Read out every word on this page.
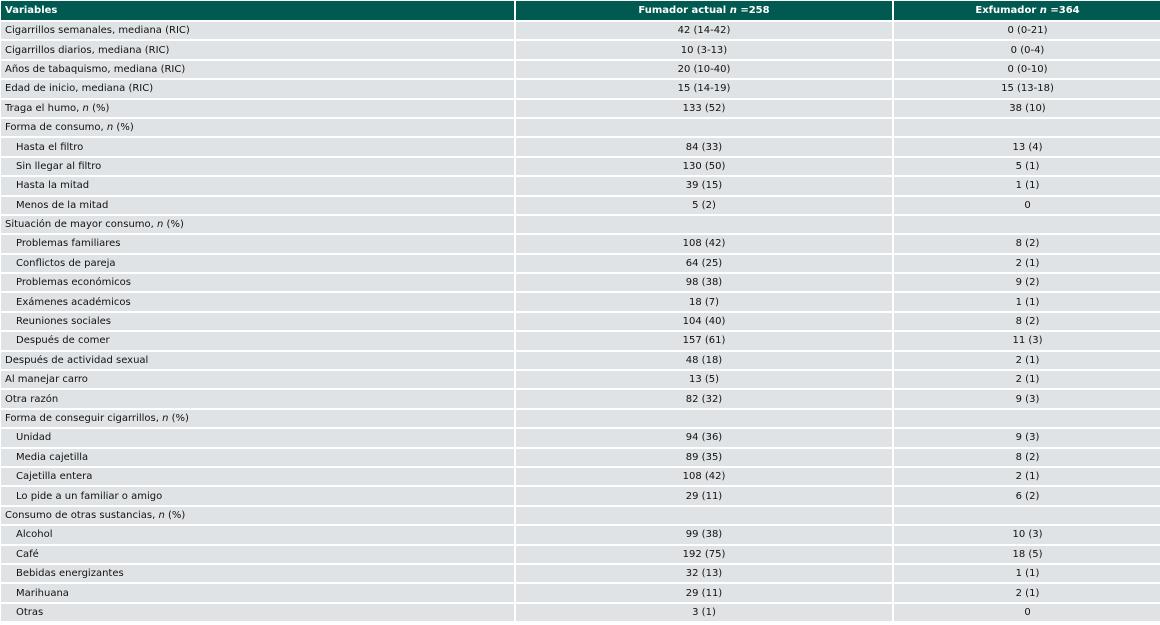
Variables	Fumador actual n =258	Exfumador n =364
Cigarrillos semanales, mediana (RIC)	42 (14-42)	0 (0-21)
Cigarrillos diarios, mediana (RIC)	10 (3-13)	0 (0-4)
Años de tabaquismo, mediana (RIC)	20 (10-40)	0 (0-10)
Edad de inicio, mediana (RIC)	15 (14-19)	15 (13-18)
Traga el humo, n (%)	133 (52)	38 (10)
Forma de consumo, n (%)		
Hasta el filtro	84 (33)	13 (4)
Sin llegar al filtro	130 (50)	5 (1)
Hasta la mitad	39 (15)	1 (1)
Menos de la mitad	5 (2)	0
Situación de mayor consumo, n (%)		
Problemas familiares	108 (42)	8 (2)
Conflictos de pareja	64 (25)	2 (1)
Problemas económicos	98 (38)	9 (2)
Exámenes académicos	18 (7)	1 (1)
Reuniones sociales	104 (40)	8 (2)
Después de comer	157 (61)	11 (3)
Después de actividad sexual	48 (18)	2 (1)
Al manejar carro	13 (5)	2 (1)
Otra razón	82 (32)	9 (3)
Forma de conseguir cigarrillos, n (%)		
Unidad	94 (36)	9 (3)
Media cajetilla	89 (35)	8 (2)
Cajetilla entera	108 (42)	2 (1)
Lo pide a un familiar o amigo	29 (11)	6 (2)
Consumo de otras sustancias, n (%)		
Alcohol	99 (38)	10 (3)
Café	192 (75)	18 (5)
Bebidas energizantes	32 (13)	1 (1)
Marihuana	29 (11)	2 (1)
Otras	3 (1)	0
